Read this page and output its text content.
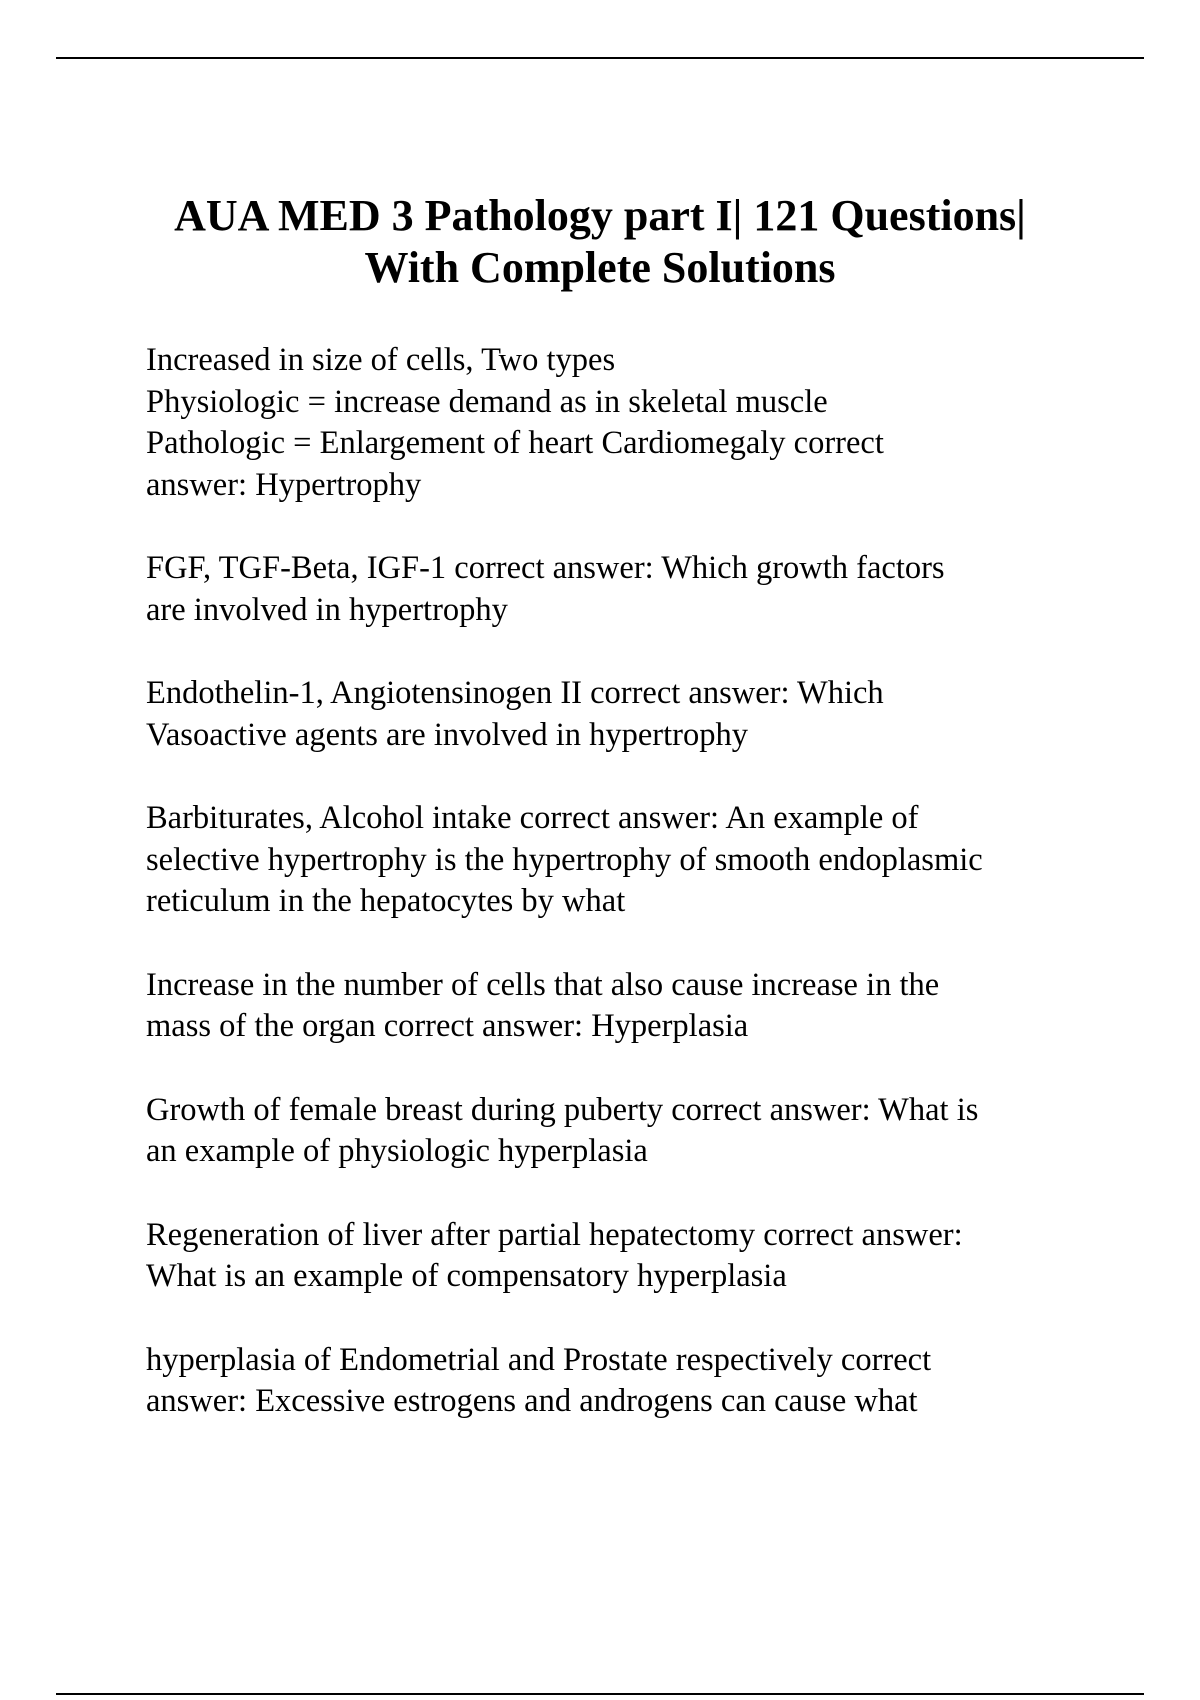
AUA MED 3 Pathology part I| 121 Questions|
With Complete Solutions

Increased in size of cells, Two types
Physiologic = increase demand as in skeletal muscle
Pathologic = Enlargement of heart Cardiomegaly correct
answer: Hypertrophy

FGF, TGF-Beta, IGF-1 correct answer: Which growth factors
are involved in hypertrophy

Endothelin-1, Angiotensinogen II correct answer: Which
Vasoactive agents are involved in hypertrophy

Barbiturates, Alcohol intake correct answer: An example of
selective hypertrophy is the hypertrophy of smooth endoplasmic
reticulum in the hepatocytes by what

Increase in the number of cells that also cause increase in the
mass of the organ correct answer: Hyperplasia

Growth of female breast during puberty correct answer: What is
an example of physiologic hyperplasia

Regeneration of liver after partial hepatectomy correct answer:
What is an example of compensatory hyperplasia

hyperplasia of Endometrial and Prostate respectively correct
answer: Excessive estrogens and androgens can cause what
